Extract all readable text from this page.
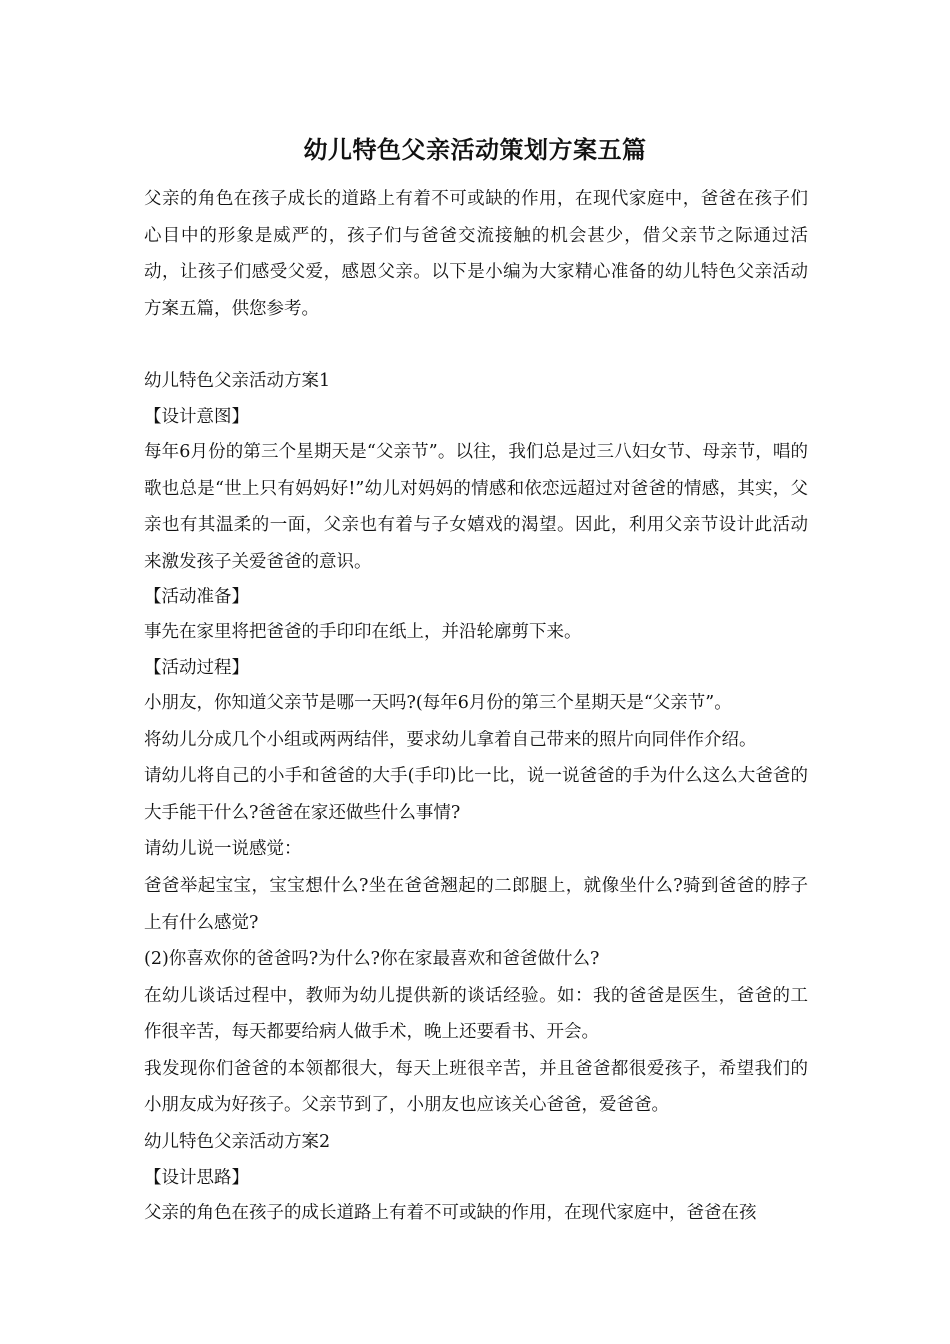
幼儿特色父亲活动策划方案五篇

父亲的角色在孩子成长的道路上有着不可或缺的作用，在现代家庭中，爸爸在孩子们心目中的形象是威严的，孩子们与爸爸交流接触的机会甚少，借父亲节之际通过活动，让孩子们感受父爱，感恩父亲。以下是小编为大家精心准备的幼儿特色父亲活动方案五篇，供您参考。

幼儿特色父亲活动方案1

【设计意图】

每年6月份的第三个星期天是“父亲节”。以往，我们总是过三八妇女节、母亲节，唱的歌也总是“世上只有妈妈好!”幼儿对妈妈的情感和依恋远超过对爸爸的情感，其实，父亲也有其温柔的一面，父亲也有着与子女嬉戏的渴望。因此，利用父亲节设计此活动来激发孩子关爱爸爸的意识。

【活动准备】

事先在家里将把爸爸的手印印在纸上，并沿轮廓剪下来。

【活动过程】

小朋友，你知道父亲节是哪一天吗?(每年6月份的第三个星期天是“父亲节”。

将幼儿分成几个小组或两两结伴，要求幼儿拿着自己带来的照片向同伴作介绍。

请幼儿将自己的小手和爸爸的大手(手印)比一比，说一说爸爸的手为什么这么大爸爸的大手能干什么?爸爸在家还做些什么事情?

请幼儿说一说感觉：

爸爸举起宝宝，宝宝想什么?坐在爸爸翘起的二郎腿上，就像坐什么?骑到爸爸的脖子上有什么感觉?

(2)你喜欢你的爸爸吗?为什么?你在家最喜欢和爸爸做什么?

在幼儿谈话过程中，教师为幼儿提供新的谈话经验。如：我的爸爸是医生，爸爸的工作很辛苦，每天都要给病人做手术，晚上还要看书、开会。

我发现你们爸爸的本领都很大，每天上班很辛苦，并且爸爸都很爱孩子，希望我们的小朋友成为好孩子。父亲节到了，小朋友也应该关心爸爸，爱爸爸。

幼儿特色父亲活动方案2

【设计思路】

父亲的角色在孩子的成长道路上有着不可或缺的作用，在现代家庭中，爸爸在孩
